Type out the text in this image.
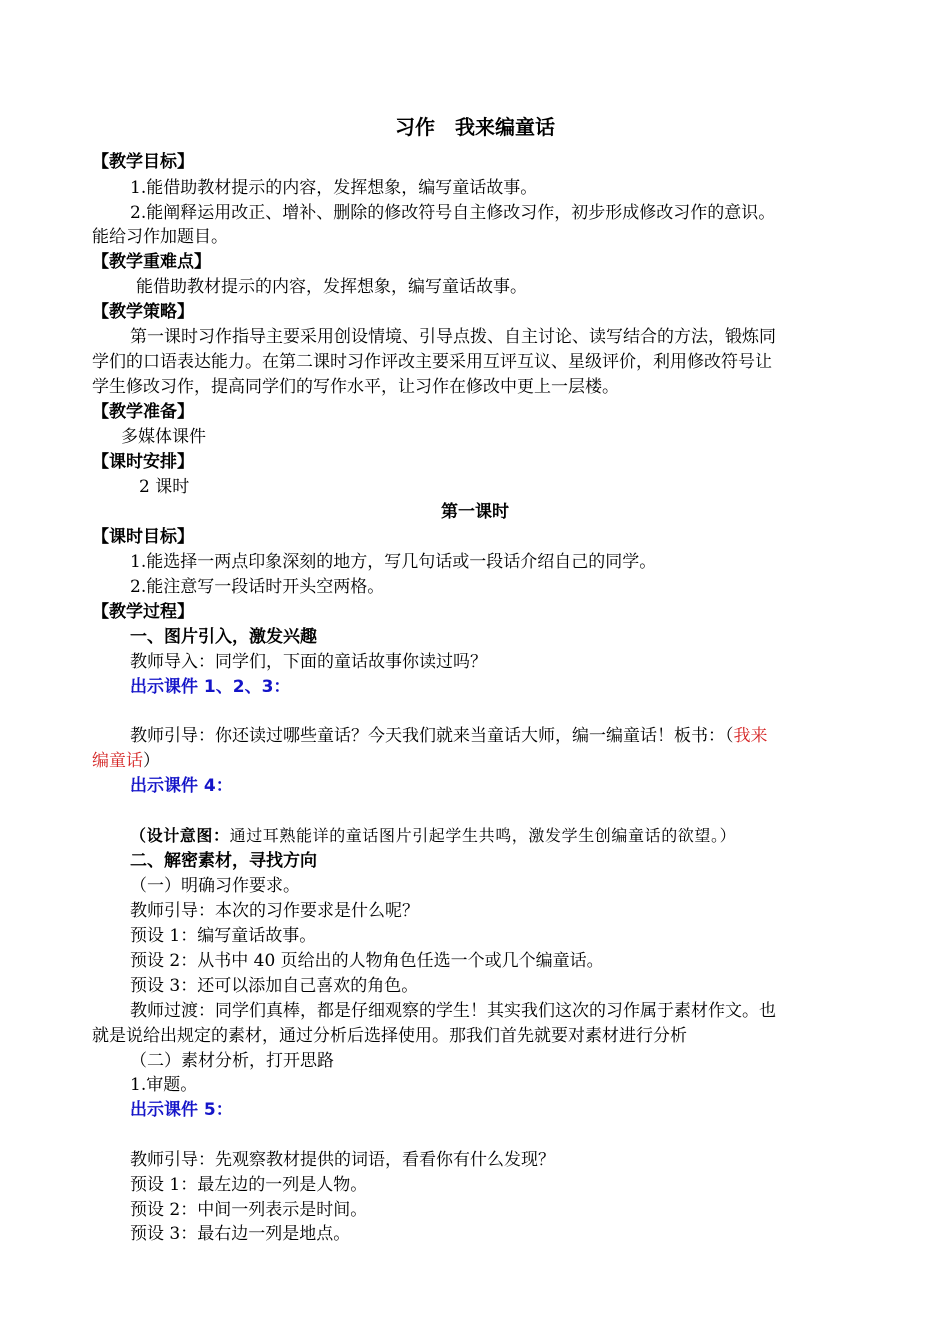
习作　我来编童话
【教学目标】
1.能借助教材提示的内容，发挥想象，编写童话故事。
2.能阐释运用改正、增补、删除的修改符号自主修改习作，初步形成修改习作的意识。
能给习作加题目。
【教学重难点】
能借助教材提示的内容，发挥想象，编写童话故事。
【教学策略】
第一课时习作指导主要采用创设情境、引导点拨、自主讨论、读写结合的方法，锻炼同
学们的口语表达能力。在第二课时习作评改主要采用互评互议、星级评价，利用修改符号让
学生修改习作，提高同学们的写作水平，让习作在修改中更上一层楼。
【教学准备】
多媒体课件
【课时安排】
2 课时
第一课时
【课时目标】
1.能选择一两点印象深刻的地方，写几句话或一段话介绍自己的同学。
2.能注意写一段话时开头空两格。
【教学过程】
一、图片引入，激发兴趣
教师导入：同学们，下面的童话故事你读过吗？
出示课件 1、2、3：
教师引导：你还读过哪些童话？今天我们就来当童话大师，编一编童话！板书：（我来
编童话）
出示课件 4：
（设计意图：通过耳熟能详的童话图片引起学生共鸣，激发学生创编童话的欲望。）
二、解密素材，寻找方向
（一）明确习作要求。
教师引导：本次的习作要求是什么呢？
预设 1：编写童话故事。
预设 2：从书中 40 页给出的人物角色任选一个或几个编童话。
预设 3：还可以添加自己喜欢的角色。
教师过渡：同学们真棒，都是仔细观察的学生！其实我们这次的习作属于素材作文。也
就是说给出规定的素材，通过分析后选择使用。那我们首先就要对素材进行分析
（二）素材分析，打开思路
1.审题。
出示课件 5：
教师引导：先观察教材提供的词语，看看你有什么发现？
预设 1：最左边的一列是人物。
预设 2：中间一列表示是时间。
预设 3：最右边一列是地点。
